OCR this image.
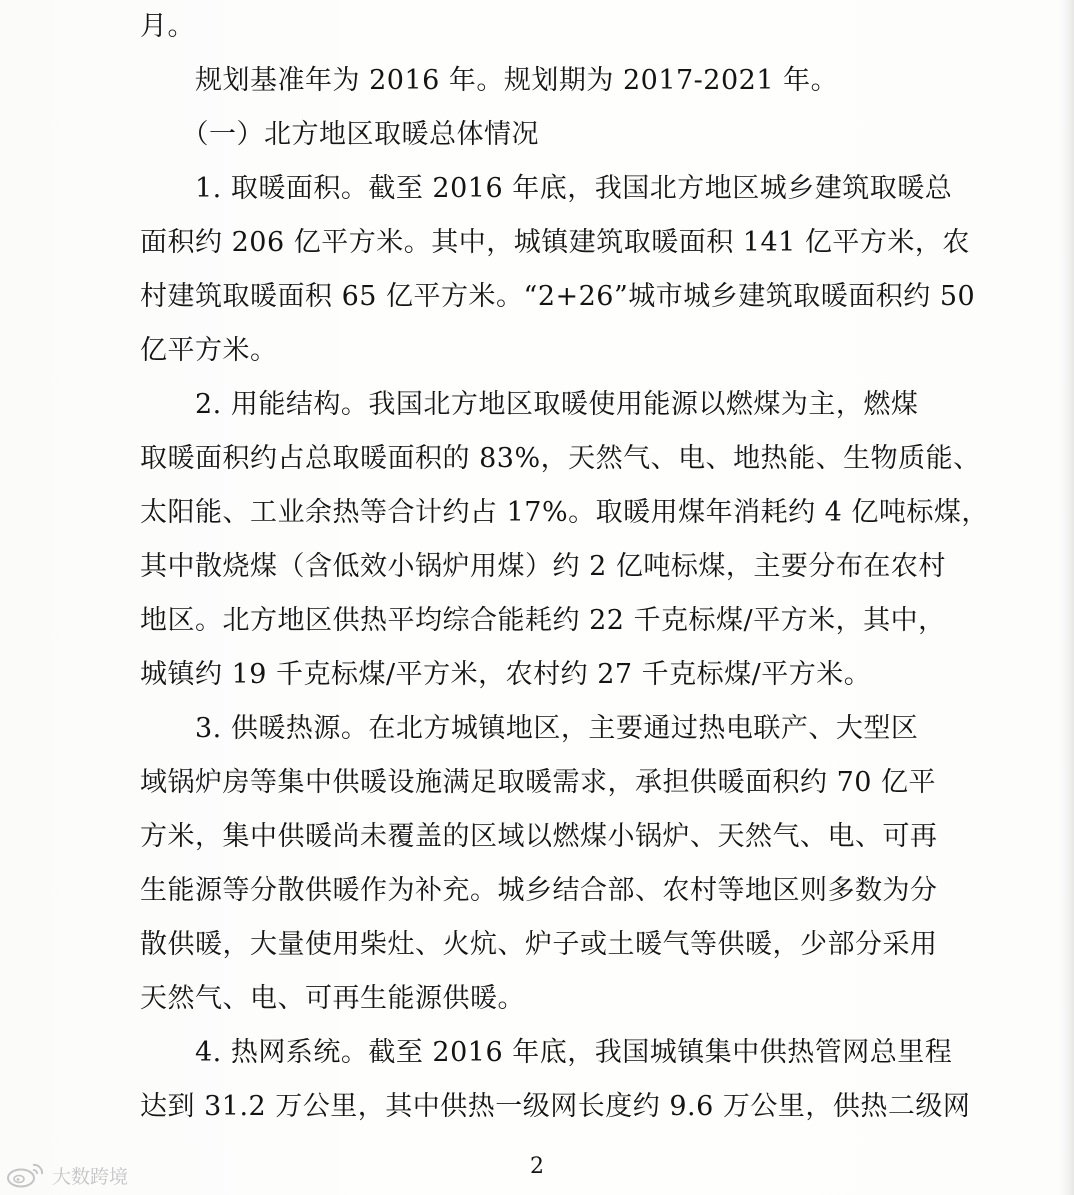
月。
　　规划基准年为 2016 年。规划期为 2017-2021 年。
　　（一）北方地区取暖总体情况
　　1. 取暖面积。截至 2016 年底，我国北方地区城乡建筑取暖总
面积约 206 亿平方米。其中，城镇建筑取暖面积 141 亿平方米，农
村建筑取暖面积 65 亿平方米。“2+26”城市城乡建筑取暖面积约 50
亿平方米。
　　2. 用能结构。我国北方地区取暖使用能源以燃煤为主，燃煤
取暖面积约占总取暖面积的 83%，天然气、电、地热能、生物质能、
太阳能、工业余热等合计约占 17%。取暖用煤年消耗约 4 亿吨标煤，
其中散烧煤（含低效小锅炉用煤）约 2 亿吨标煤，主要分布在农村
地区。北方地区供热平均综合能耗约 22 千克标煤/平方米，其中，
城镇约 19 千克标煤/平方米，农村约 27 千克标煤/平方米。
　　3. 供暖热源。在北方城镇地区，主要通过热电联产、大型区
域锅炉房等集中供暖设施满足取暖需求，承担供暖面积约 70 亿平
方米，集中供暖尚未覆盖的区域以燃煤小锅炉、天然气、电、可再
生能源等分散供暖作为补充。城乡结合部、农村等地区则多数为分
散供暖，大量使用柴灶、火炕、炉子或土暖气等供暖，少部分采用
天然气、电、可再生能源供暖。
　　4. 热网系统。截至 2016 年底，我国城镇集中供热管网总里程
达到 31.2 万公里，其中供热一级网长度约 9.6 万公里，供热二级网
2
大数跨境
